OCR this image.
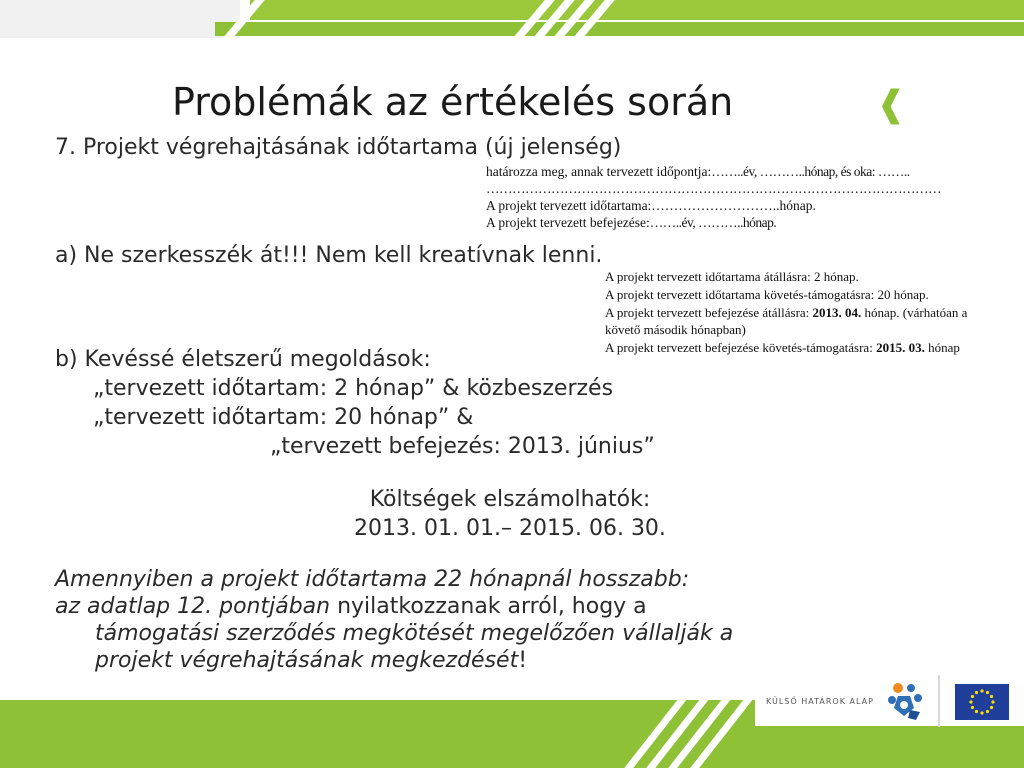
Problémák az értékelés során	❰
7. Projekt végrehajtásának időtartama (új jelenség)
határozza meg, annak tervezett időpontja:……..év, ………..hónap, és oka: ……..
……………………………………………………………………………………………
A projekt tervezett időtartama:………………………..hónap.
A projekt tervezett befejezése:……..év, ………..hónap.
a) Ne szerkesszék át!!! Nem kell kreatívnak lenni.
A projekt tervezett időtartama átállásra: 2 hónap.
A projekt tervezett időtartama követés-támogatásra: 20 hónap.
A projekt tervezett befejezése átállásra: 2013. 04. hónap. (várhatóan a
követő második hónapban)
A projekt tervezett befejezése követés-támogatásra: 2015. 03. hónap
b) Kevéssé életszerű megoldások:
„tervezett időtartam: 2 hónap” & közbeszerzés
„tervezett időtartam: 20 hónap” &
„tervezett befejezés: 2013. június”
Költségek elszámolhatók:
2013. 01. 01.– 2015. 06. 30.
Amennyiben a projekt időtartama 22 hónapnál hosszabb:
az adatlap 12. pontjában nyilatkozzanak arról, hogy a
támogatási szerződés megkötését megelőzően vállalják a
projekt végrehajtásának megkezdését!
KÜLSŐ HATÁROK ALAP
